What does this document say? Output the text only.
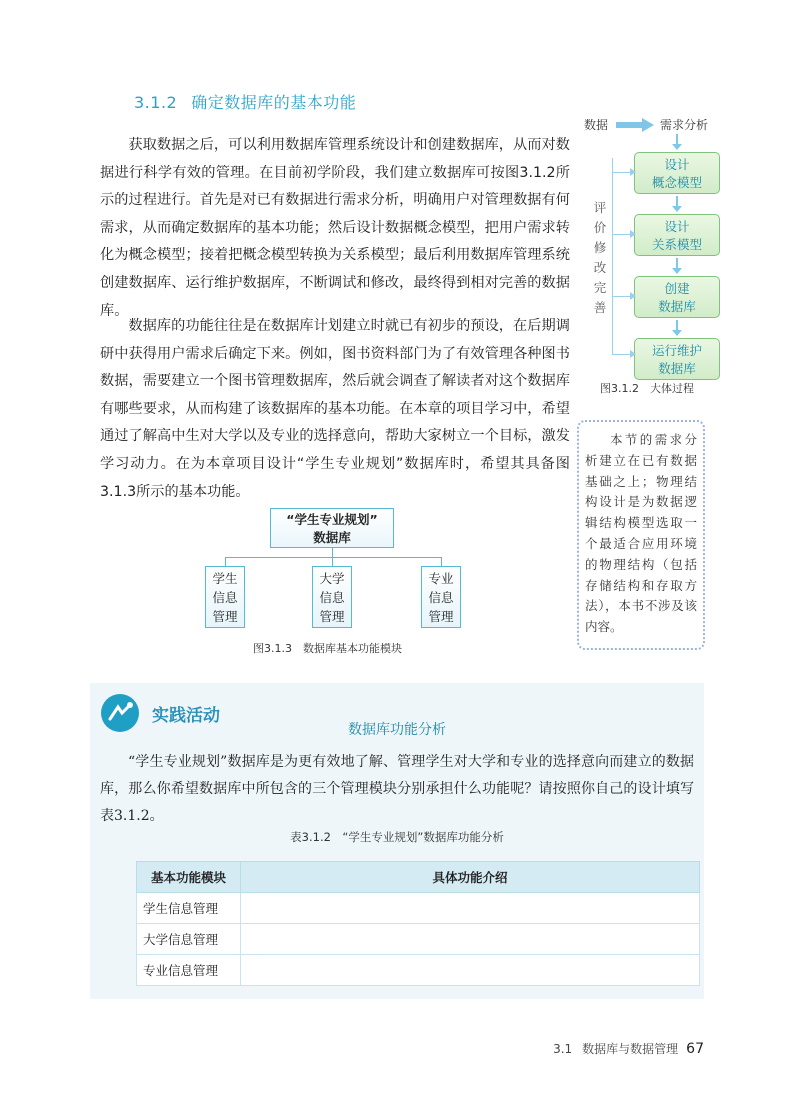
3.1.2 确定数据库的基本功能

获取数据之后，可以利用数据库管理系统设计和创建数据库，从而对数据进行科学有效的管理。在目前初学阶段，我们建立数据库可按图3.1.2所示的过程进行。首先是对已有数据进行需求分析，明确用户对管理数据有何需求，从而确定数据库的基本功能；然后设计数据概念模型，把用户需求转化为概念模型；接着把概念模型转换为关系模型；最后利用数据库管理系统创建数据库、运行维护数据库，不断调试和修改，最终得到相对完善的数据库。

数据库的功能往往是在数据库计划建立时就已有初步的预设，在后期调研中获得用户需求后确定下来。例如，图书资料部门为了有效管理各种图书数据，需要建立一个图书管理数据库，然后就会调查了解读者对这个数据库有哪些要求，从而构建了该数据库的基本功能。在本章的项目学习中，希望通过了解高中生对大学以及专业的选择意向，帮助大家树立一个目标，激发学习动力。在为本章项目设计“学生专业规划”数据库时，希望其具备图3.1.3所示的基本功能。

数据	需求分析
设计
概念模型
设计
关系模型
创建
数据库
运行维护
数据库
评价修改完善
图3.1.2　大体过程

本节的需求分析建立在已有数据基础之上；物理结构设计是为数据逻辑结构模型选取一个最适合应用环境的物理结构（包括存储结构和存取方法），本书不涉及该内容。

“学生专业规划”
数据库
学生
信息
管理
大学
信息
管理
专业
信息
管理
图3.1.3　数据库基本功能模块
实践活动
数据库功能分析

“学生专业规划”数据库是为更有效地了解、管理学生对大学和专业的选择意向而建立的数据库，那么你希望数据库中所包含的三个管理模块分别承担什么功能呢？请按照你自己的设计填写表3.1.2。

表3.1.2　“学生专业规划”数据库功能分析
基本功能模块	具体功能介绍
学生信息管理	
大学信息管理	
专业信息管理	
3.1 数据库与数据管理 67
